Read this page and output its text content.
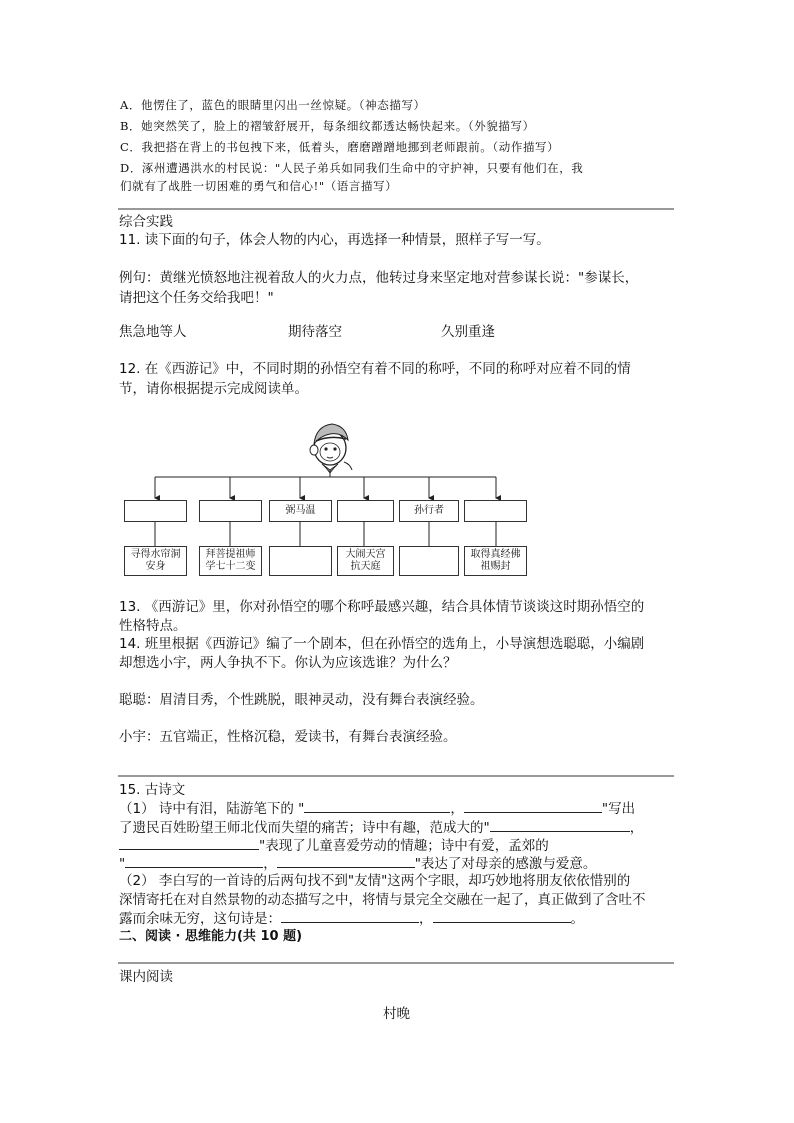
A．他愣住了，蓝色的眼睛里闪出一丝惊疑。（神态描写）
B．她突然笑了，脸上的褶皱舒展开，每条细纹都透达畅快起来。（外貌描写）
C．我把搭在背上的书包拽下来，低着头，磨磨蹭蹭地挪到老师跟前。（动作描写）
D．涿州遭遇洪水的村民说："人民子弟兵如同我们生命中的守护神，只要有他们在，我
们就有了战胜一切困难的勇气和信心!"（语言描写）
综合实践
11. 读下面的句子，体会人物的内心，再选择一种情景，照样子写一写。
例句：黄继光愤怒地注视着敌人的火力点，他转过身来坚定地对营参谋长说："参谋长，
请把这个任务交给我吧！"
焦急地等人	期待落空	久别重逢
12. 在《西游记》中，不同时期的孙悟空有着不同的称呼，不同的称呼对应着不同的情
节，请你根据提示完成阅读单。
弼马温	孙行者
寻得水帘洞安身
拜菩提祖师学七十二变
大闹天宫抗天庭
取得真经佛祖赐封
13. 《西游记》里，你对孙悟空的哪个称呼最感兴趣，结合具体情节谈谈这时期孙悟空的
性格特点。
14. 班里根据《西游记》编了一个剧本，但在孙悟空的选角上，小导演想选聪聪，小编剧
却想选小宇，两人争执不下。你认为应该选谁？为什么？
聪聪：眉清目秀，个性跳脱，眼神灵动，没有舞台表演经验。
小宇：五官端正，性格沉稳，爱读书，有舞台表演经验。
15. 古诗文
（1） 诗中有泪，陆游笔下的 "	，	"写出
了遗民百姓盼望王师北伐而失望的痛苦；诗中有趣，范成大的"	，
"表现了儿童喜爱劳动的情趣；诗中有爱，孟郊的
"	，	"表达了对母亲的感激与爱意。
（2） 李白写的一首诗的后两句找不到"友情"这两个字眼，却巧妙地将朋友依依惜别的
深情寄托在对自然景物的动态描写之中，将情与景完全交融在一起了，真正做到了含吐不
露而余味无穷，这句诗是：	，	。
二、阅读 · 思维能力(共 10 题)
课内阅读
村晚
